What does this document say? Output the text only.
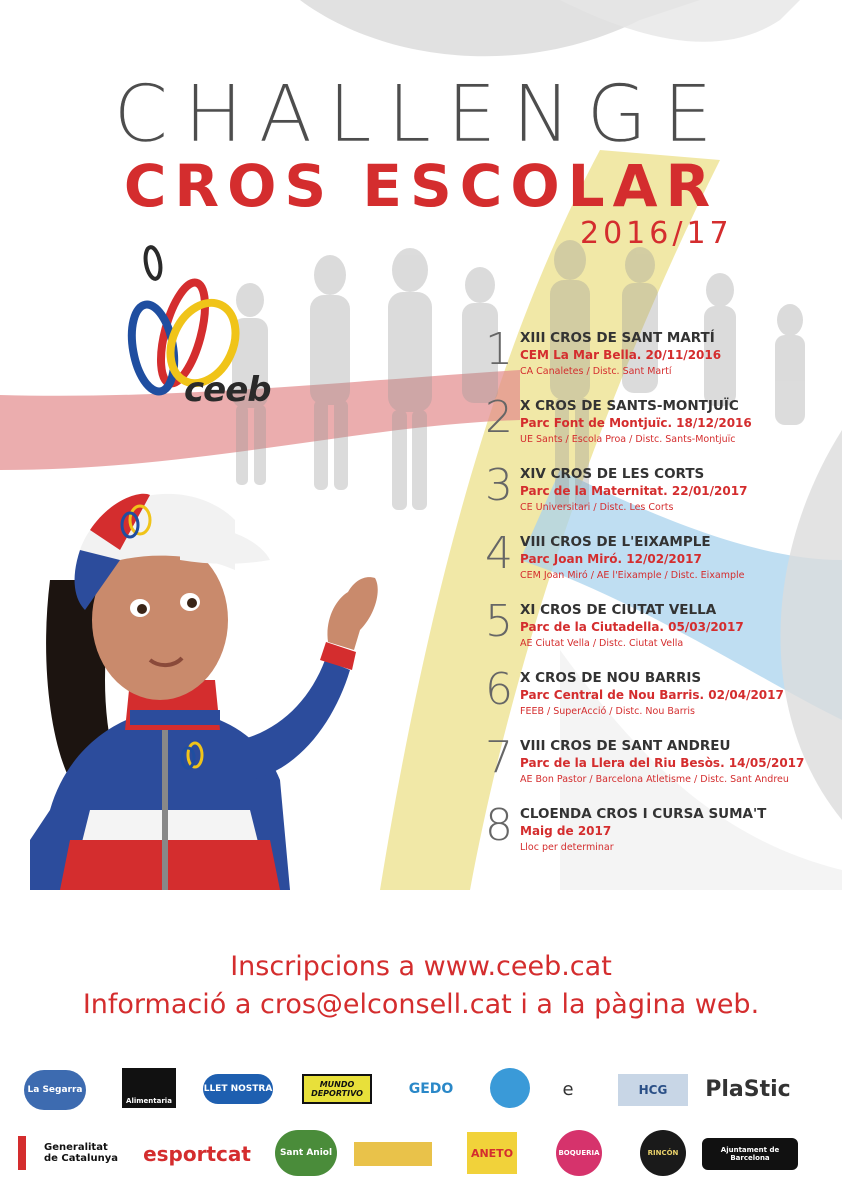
CHALLENGE
CROS ESCOLAR
2016/17
ceeb
1 XIII CROS DE SANT MARTÍ
CEM La Mar Bella. 20/11/2016
CA Canaletes / Distc. Sant Martí
2 X CROS DE SANTS-MONTJUÏC
Parc Font de Montjuïc. 18/12/2016
UE Sants / Escola Proa / Distc. Sants-Montjuïc
3 XIV CROS DE LES CORTS
Parc de la Maternitat. 22/01/2017
CE Universitari / Distc. Les Corts
4 VIII CROS DE L'EIXAMPLE
Parc Joan Miró. 12/02/2017
CEM Joan Miró / AE l'Eixample / Distc. Eixample
5 XI CROS DE CIUTAT VELLA
Parc de la Ciutadella. 05/03/2017
AE Ciutat Vella / Distc. Ciutat Vella
6 X CROS DE NOU BARRIS
Parc Central de Nou Barris. 02/04/2017
FEEB / SuperAcció / Distc. Nou Barris
7 VIII CROS DE SANT ANDREU
Parc de la Llera del Riu Besòs. 14/05/2017
AE Bon Pastor / Barcelona Atletisme / Distc. Sant Andreu
8 CLOENDA CROS I CURSA SUMA'T
Maig de 2017
Lloc per determinar
Inscripcions a www.ceeb.cat
Informació a cros@elconsell.cat i a la pàgina web.
La Segarra
Alimentaria
LLET NOSTRA	MUNDO DEPORTIVO	GEDO	e	HCG	PlaStic
Generalitat de Catalunya	esportcat	Sant Aniol	ANETO	BOQUERIA	RINCÓN	Ajuntament de Barcelona
